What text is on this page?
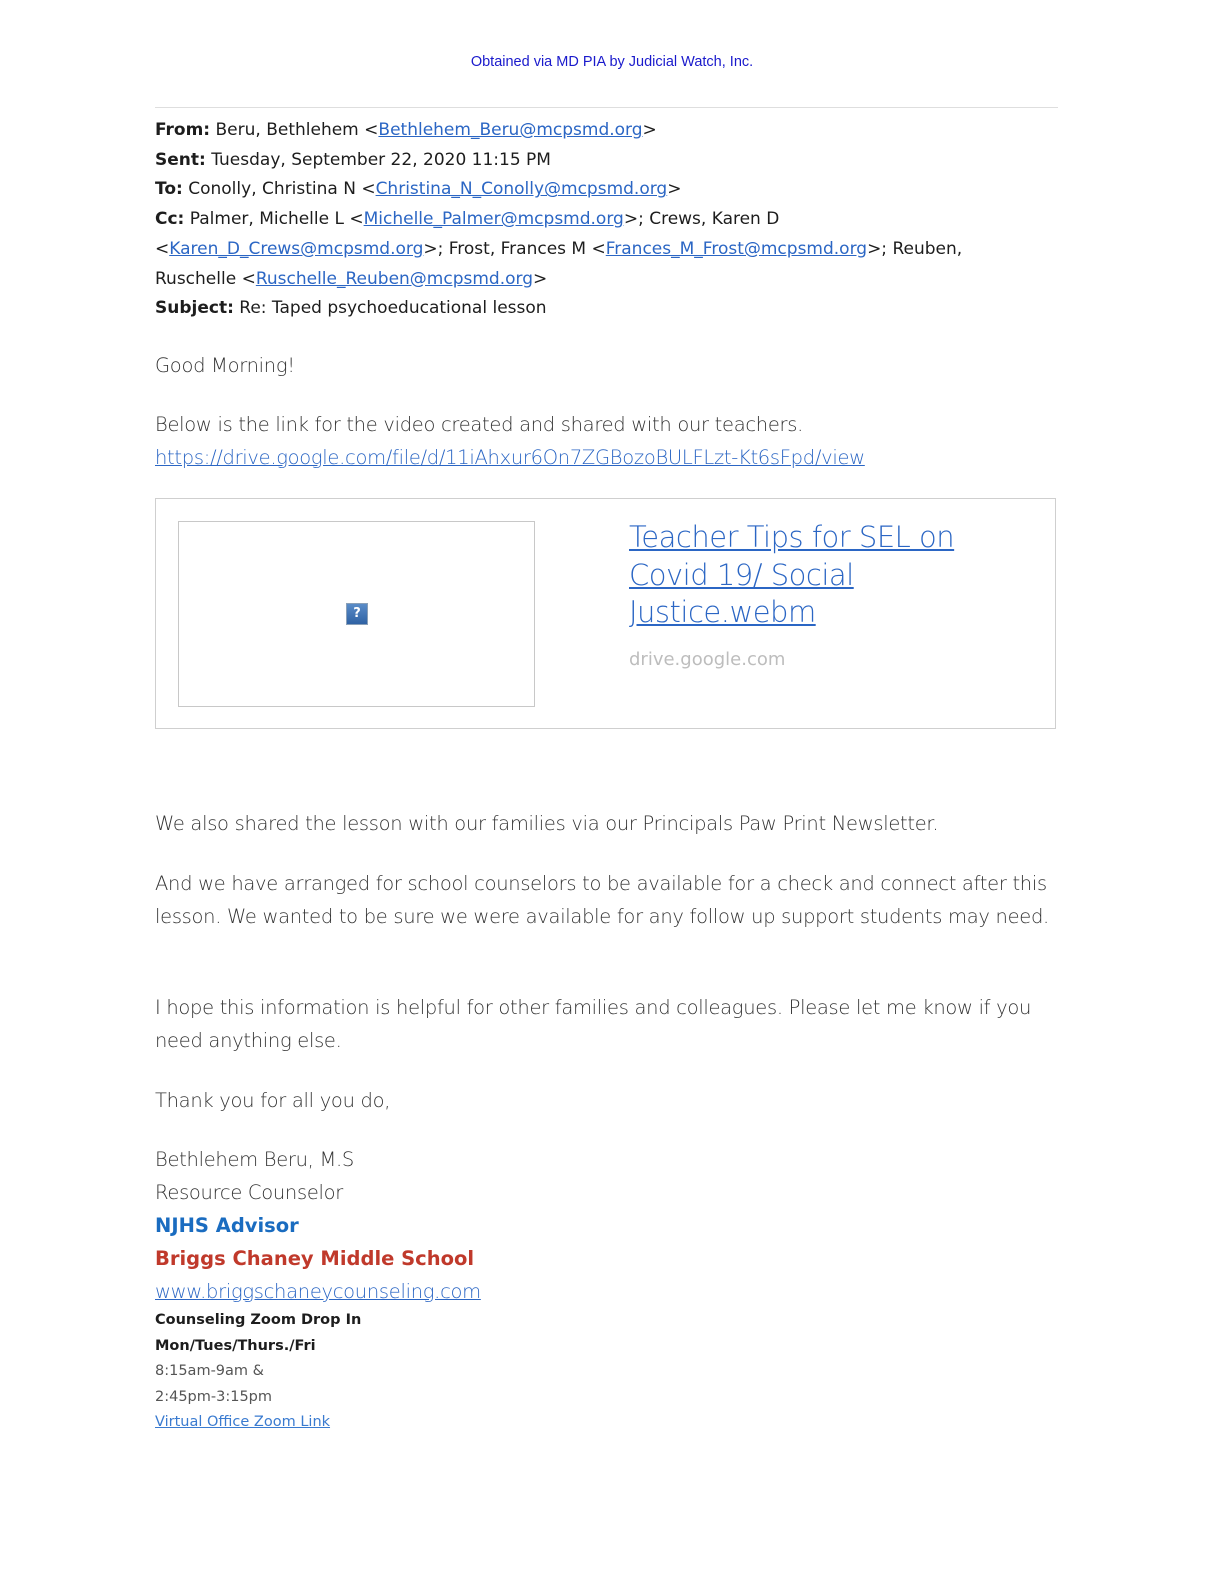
Obtained via MD PIA by Judicial Watch, Inc.
From: Beru, Bethlehem <Bethlehem_Beru@mcpsmd.org>
Sent: Tuesday, September 22, 2020 11:15 PM
To: Conolly, Christina N <Christina_N_Conolly@mcpsmd.org>
Cc: Palmer, Michelle L <Michelle_Palmer@mcpsmd.org>; Crews, Karen D
<Karen_D_Crews@mcpsmd.org>; Frost, Frances M <Frances_M_Frost@mcpsmd.org>; Reuben,
Ruschelle <Ruschelle_Reuben@mcpsmd.org>
Subject: Re: Taped psychoeducational lesson
Good Morning!
Below is the link for the video created and shared with our teachers.
https://drive.google.com/file/d/11iAhxur6On7ZGBozoBULFLzt-Kt6sFpd/view
?
Teacher Tips for SEL on Covid 19/ Social Justice.webm
drive.google.com
We also shared the lesson with our families via our Principals Paw Print Newsletter.
And we have arranged for school counselors to be available for a check and connect after this lesson. We wanted to be sure we were available for any follow up support students may need.
I hope this information is helpful for other families and colleagues. Please let me know if you need anything else.
Thank you for all you do,
Bethlehem Beru, M.S
Resource Counselor
NJHS Advisor
Briggs Chaney Middle School
www.briggschaneycounseling.com
Counseling Zoom Drop In
Mon/Tues/Thurs./Fri
8:15am-9am &
2:45pm-3:15pm
Virtual Office Zoom Link
